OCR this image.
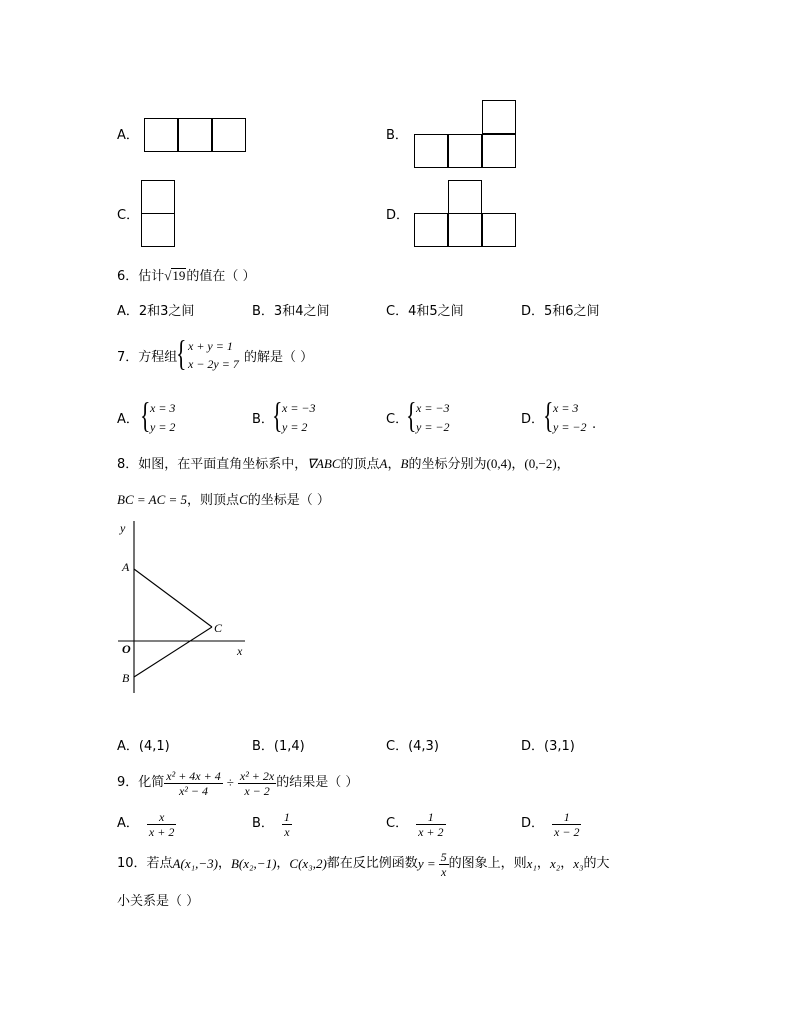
A．	B．
C．	D．
6．估计√19的值在（ ）
A．2和3之间	B．3和4之间	C．4和5之间	D．5和6之间
7．方程组
{ x + y = 1
x − 2y = 7 的解是（ ）
A． { x = 3
y = 2	B．
{ x = −3
y = 2	C．
{ x = −3
y = −2	D．
{ x = 3
y = −2 .
8．如图，在平面直角坐标系中，∇ABC的顶点A，B的坐标分别为(0,4)，(0,−2)，
BC = AC = 5，则顶点C的坐标是（ ）
y
x
O
A
B
C
A．(4,1)	B．(1,4)	C．(4,3)	D．(3,1)
9．化简 $\frac{\text{x² + 4x + 4}}{\text{x² − 4}} \div \frac{\text{x² + 2x}}{x - 2}$ 的结果是（ ）
A． $\frac{x}{x + 2}$	B． $\frac{1}{x}$	C． $\frac{1}{x + 2}$	D． $\frac{1}{x - 2}$
10．若点 A(x₁,−3) ， B(x₂,−1) ， C(x₃,2) 都在反比例函数 $y = \frac{5}{x}$ 的图象上，则 x₁ ， x₂ ， x₃ 的大
小关系是（ ）
